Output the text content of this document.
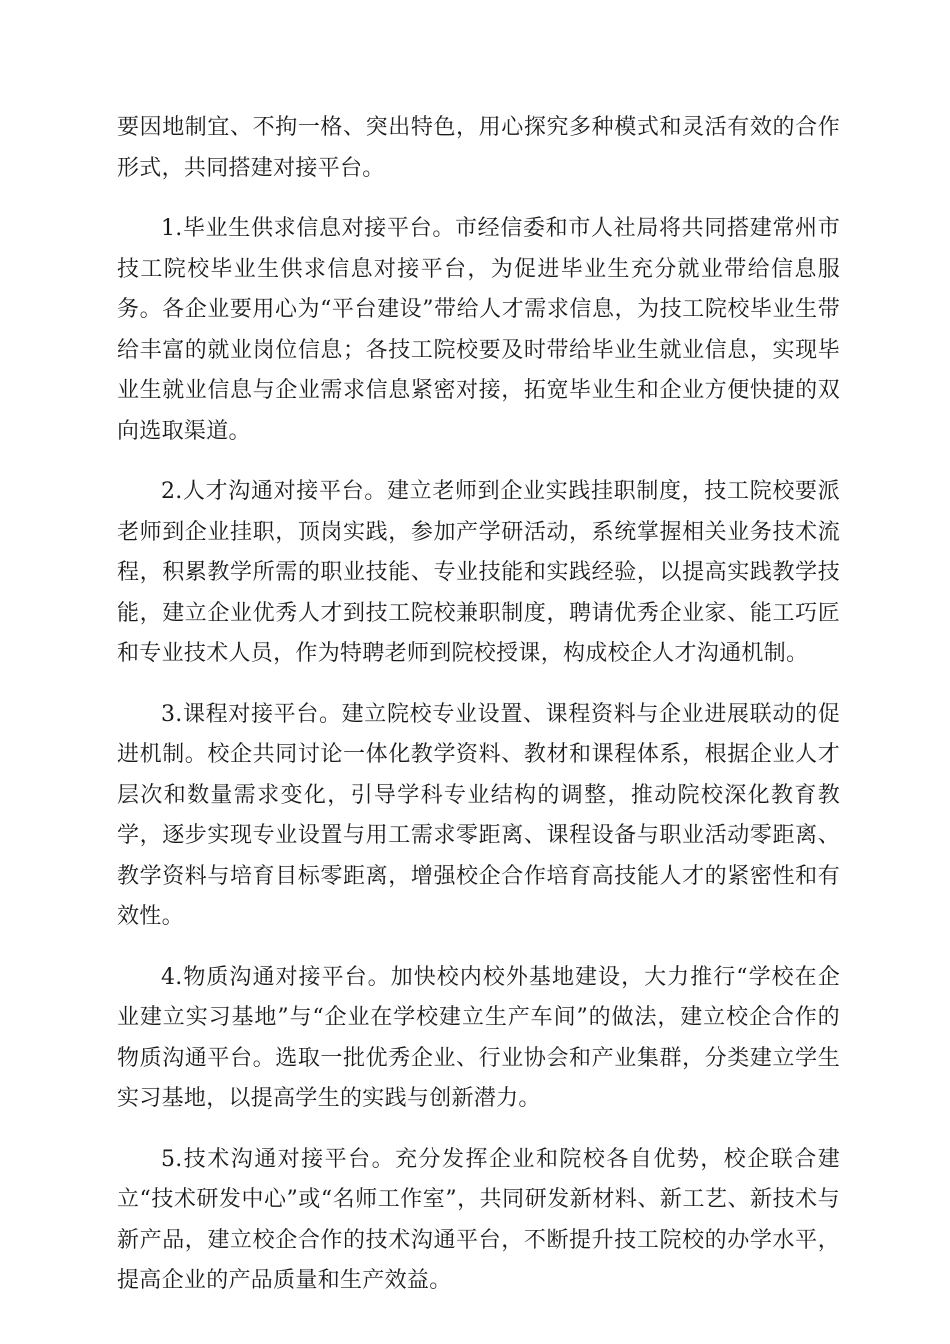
要因地制宜、不拘一格、突出特色，用心探究多种模式和灵活有效的合作形式，共同搭建对接平台。

1.毕业生供求信息对接平台。市经信委和市人社局将共同搭建常州市技工院校毕业生供求信息对接平台，为促进毕业生充分就业带给信息服务。各企业要用心为“平台建设”带给人才需求信息，为技工院校毕业生带给丰富的就业岗位信息；各技工院校要及时带给毕业生就业信息，实现毕业生就业信息与企业需求信息紧密对接，拓宽毕业生和企业方便快捷的双向选取渠道。

2.人才沟通对接平台。建立老师到企业实践挂职制度，技工院校要派老师到企业挂职，顶岗实践，参加产学研活动，系统掌握相关业务技术流程，积累教学所需的职业技能、专业技能和实践经验，以提高实践教学技能，建立企业优秀人才到技工院校兼职制度，聘请优秀企业家、能工巧匠和专业技术人员，作为特聘老师到院校授课，构成校企人才沟通机制。

3.课程对接平台。建立院校专业设置、课程资料与企业进展联动的促进机制。校企共同讨论一体化教学资料、教材和课程体系，根据企业人才层次和数量需求变化，引导学科专业结构的调整，推动院校深化教育教学，逐步实现专业设置与用工需求零距离、课程设备与职业活动零距离、教学资料与培育目标零距离，增强校企合作培育高技能人才的紧密性和有效性。

4.物质沟通对接平台。加快校内校外基地建设，大力推行“学校在企业建立实习基地”与“企业在学校建立生产车间”的做法，建立校企合作的物质沟通平台。选取一批优秀企业、行业协会和产业集群，分类建立学生实习基地，以提高学生的实践与创新潜力。

5.技术沟通对接平台。充分发挥企业和院校各自优势，校企联合建立“技术研发中心”或“名师工作室”，共同研发新材料、新工艺、新技术与新产品，建立校企合作的技术沟通平台，不断提升技工院校的办学水平，提高企业的产品质量和生产效益。
